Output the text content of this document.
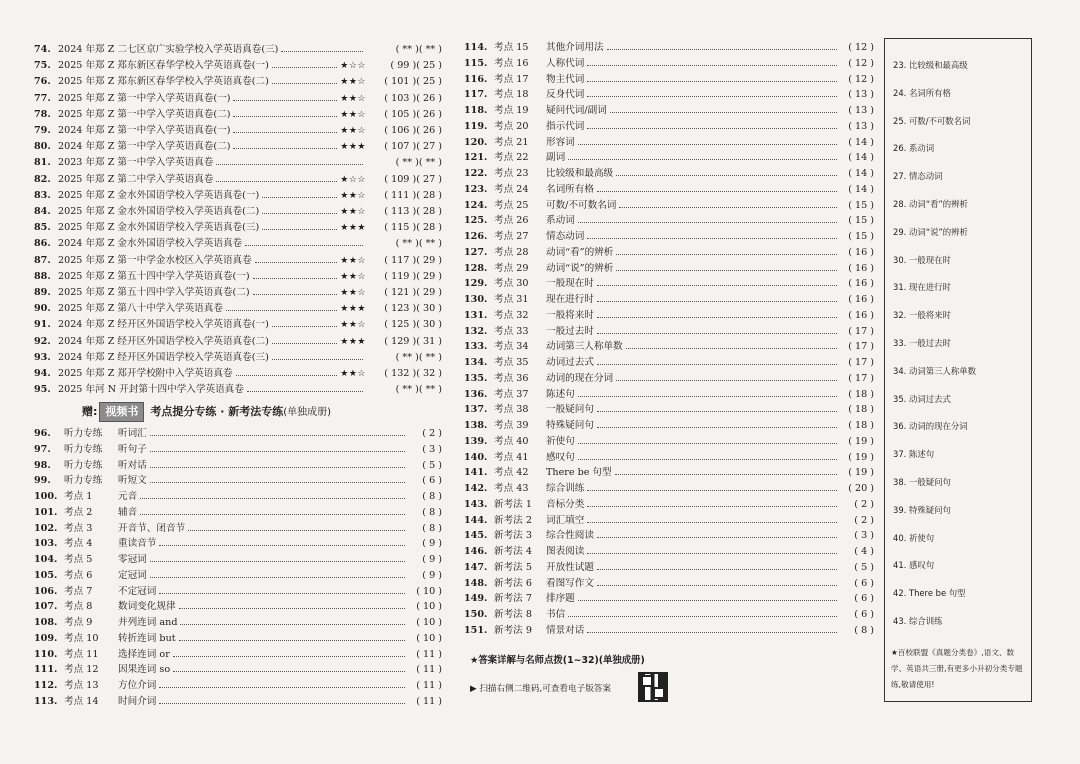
74. 2024 年郑 Z 二七区京广实验学校入学英语真卷(三)	( ** )( ** )
75. 2025 年郑 Z 郑东新区春华学校入学英语真卷(一)	★☆☆	( 99 )( 25 )
76. 2025 年郑 Z 郑东新区春华学校入学英语真卷(二)	★★☆	( 101 )( 25 )
77. 2025 年郑 Z 第一中学入学英语真卷(一)	★★☆	( 103 )( 26 )
78. 2025 年郑 Z 第一中学入学英语真卷(二)	★★☆	( 105 )( 26 )
79. 2024 年郑 Z 第一中学入学英语真卷(一)	★★☆	( 106 )( 26 )
80. 2024 年郑 Z 第一中学入学英语真卷(二)	★★★	( 107 )( 27 )
81. 2023 年郑 Z 第一中学入学英语真卷	( ** )( ** )
82. 2025 年郑 Z 第二中学入学英语真卷	★☆☆	( 109 )( 27 )
83. 2025 年郑 Z 金水外国语学校入学英语真卷(一)	★★☆	( 111 )( 28 )
84. 2025 年郑 Z 金水外国语学校入学英语真卷(二)	★★☆	( 113 )( 28 )
85. 2025 年郑 Z 金水外国语学校入学英语真卷(三)	★★★	( 115 )( 28 )
86. 2024 年郑 Z 金水外国语学校入学英语真卷	( ** )( ** )
87. 2025 年郑 Z 第一中学金水校区入学英语真卷	★★☆	( 117 )( 29 )
88. 2025 年郑 Z 第五十四中学入学英语真卷(一)	★★☆	( 119 )( 29 )
89. 2025 年郑 Z 第五十四中学入学英语真卷(二)	★★☆	( 121 )( 29 )
90. 2025 年郑 Z 第八十中学入学英语真卷	★★★	( 123 )( 30 )
91. 2024 年郑 Z 经开区外国语学校入学英语真卷(一)	★★☆	( 125 )( 30 )
92. 2024 年郑 Z 经开区外国语学校入学英语真卷(二)	★★★	( 129 )( 31 )
93. 2024 年郑 Z 经开区外国语学校入学英语真卷(三)	( ** )( ** )
94. 2025 年郑 Z 郑开学校附中入学英语真卷	★★☆	( 132 )( 32 )
95. 2025 年河 N 开封第十四中学入学英语真卷	( ** )( ** )
赠: 视频书 考点提分专练 · 新考法专练(单独成册)
96.	听力专练	听词汇	( 2 )
97.	听力专练	听句子	( 3 )
98.	听力专练	听对话	( 5 )
99.	听力专练	听短文	( 6 )
100. 考点 1	元音	( 8 )
101. 考点 2	辅音	( 8 )
102. 考点 3	开音节、闭音节	( 8 )
103. 考点 4	重读音节	( 9 )
104. 考点 5	零冠词	( 9 )
105. 考点 6	定冠词	( 9 )
106. 考点 7	不定冠词	( 10 )
107. 考点 8	数词变化规律	( 10 )
108. 考点 9	并列连词 and	( 10 )
109. 考点 10	转折连词 but	( 10 )
110. 考点 11	选择连词 or	( 11 )
111. 考点 12	因果连词 so	( 11 )
112. 考点 13	方位介词	( 11 )
113. 考点 14	时间介词	( 11 )
114. 考点 15	其他介词用法	( 12 )
115. 考点 16	人称代词	( 12 )
116. 考点 17	物主代词	( 12 )
117. 考点 18	反身代词	( 13 )
118. 考点 19	疑问代词/副词	( 13 )
119. 考点 20	指示代词	( 13 )
120. 考点 21	形容词	( 14 )
121. 考点 22	副词	( 14 )
122. 考点 23	比较级和最高级	( 14 )
123. 考点 24	名词所有格	( 14 )
124. 考点 25	可数/不可数名词	( 15 )
125. 考点 26	系动词	( 15 )
126. 考点 27	情态动词	( 15 )
127. 考点 28	动词“看”的辨析	( 16 )
128. 考点 29	动词“说”的辨析	( 16 )
129. 考点 30	一般现在时	( 16 )
130. 考点 31	现在进行时	( 16 )
131. 考点 32	一般将来时	( 16 )
132. 考点 33	一般过去时	( 17 )
133. 考点 34	动词第三人称单数	( 17 )
134. 考点 35	动词过去式	( 17 )
135. 考点 36	动词的现在分词	( 17 )
136. 考点 37	陈述句	( 18 )
137. 考点 38	一般疑问句	( 18 )
138. 考点 39	特殊疑问句	( 18 )
139. 考点 40	祈使句	( 19 )
140. 考点 41	感叹句	( 19 )
141. 考点 42	There be 句型	( 19 )
142. 考点 43	综合训练	( 20 )
143. 新考法 1	音标分类	( 2 )
144. 新考法 2	词汇填空	( 2 )
145. 新考法 3	综合性阅读	( 3 )
146. 新考法 4	图表阅读	( 4 )
147. 新考法 5	开放性试题	( 5 )
148. 新考法 6	看图写作文	( 6 )
149. 新考法 7	排序题	( 6 )
150. 新考法 8	书信	( 6 )
151. 新考法 9	情景对话	( 8 )
★答案详解与名师点拨(1~32)(单独成册)
▶ 扫描右侧二维码,可查看电子版答案
★百校联盟《真题分类卷》,语文、数学、英语共三册,有更多小升初分类专题练,敬请使用!
23. 比较级和最高级
24. 名词所有格
25. 可数/不可数名词
26. 系动词
27. 情态动词
28. 动词“看”的辨析
29. 动词“说”的辨析
30. 一般现在时
31. 现在进行时
32. 一般将来时
33. 一般过去时
34. 动词第三人称单数
35. 动词过去式
36. 动词的现在分词
37. 陈述句
38. 一般疑问句
39. 特殊疑问句
40. 祈使句
41. 感叹句
42. There be 句型
43. 综合训练
